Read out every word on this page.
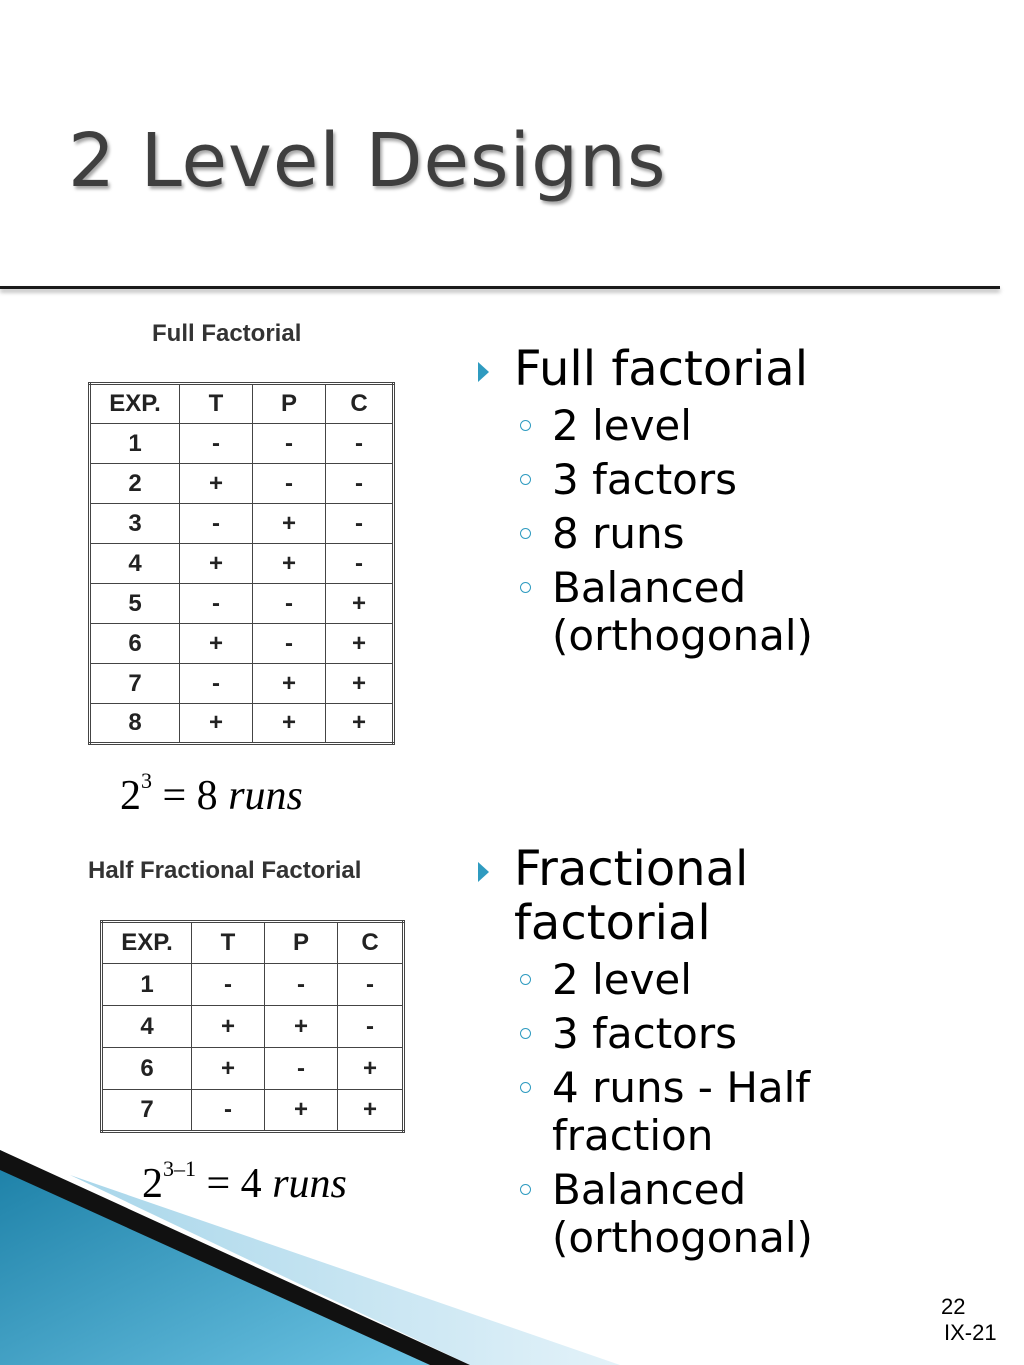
2 Level Designs
Full Factorial
EXP.	T	P	C
1	-	-	-
2	+	-	-
3	-	+	-
4	+	+	-
5	-	-	+
6	+	-	+
7	-	+	+
8	+	+	+
$2^3 = 8$ runs
Half Fractional Factorial
EXP.	T	P	C
1	-	-	-
4	+	+	-
6	+	-	+
7	-	+	+
$2^{3-1} = 4$ runs
Full factorial
2 level
3 factors
8 runs
Balanced (orthogonal)
Fractional factorial
2 level
3 factors
4 runs - Half fraction
Balanced (orthogonal)
22
IX-21
